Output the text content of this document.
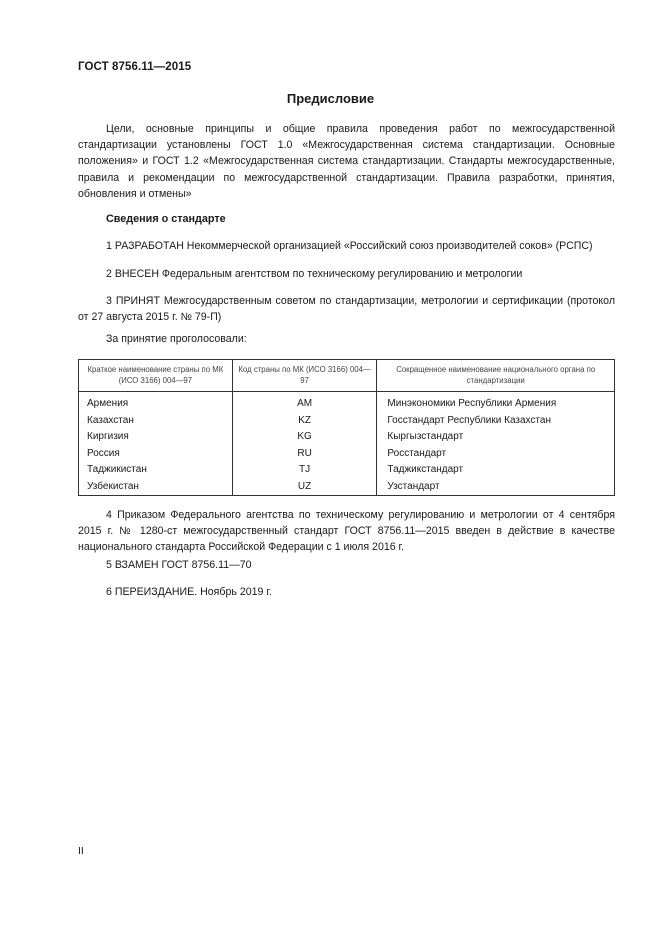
ГОСТ 8756.11—2015
Предисловие

Цели, основные принципы и общие правила проведения работ по межгосударственной стандартизации установлены ГОСТ 1.0 «Межгосударственная система стандартизации. Основные положения» и ГОСТ 1.2 «Межгосударственная система стандартизации. Стандарты межгосударственные, правила и рекомендации по межгосударственной стандартизации. Правила разработки, принятия, обновления и отмены»

Сведения о стандарте

1 РАЗРАБОТАН Некоммерческой организацией «Российский союз производителей соков» (РСПС)

2 ВНЕСЕН Федеральным агентством по техническому регулированию и метрологии

3 ПРИНЯТ Межгосударственным советом по стандартизации, метрологии и сертификации (протокол от 27 августа 2015 г. № 79-П)

За принятие проголосовали:
Краткое наименование страны по МК (ИСО 3166) 004—97	Код страны по МК (ИСО 3166) 004—97	Сокращенное наименование национального органа по стандартизации
Армения	AM	Минэкономики Республики Армения
Казахстан	KZ	Госстандарт Республики Казахстан
Киргизия	KG	Кыргызстандарт
Россия	RU	Росстандарт
Таджикистан	TJ	Таджикстандарт
Узбекистан	UZ	Узстандарт

4 Приказом Федерального агентства по техническому регулированию и метрологии от 4 сентября 2015 г. № 1280-ст межгосударственный стандарт ГОСТ 8756.11—2015 введен в действие в качестве национального стандарта Российской Федерации с 1 июля 2016 г.

5 ВЗАМЕН ГОСТ 8756.11—70

6 ПЕРЕИЗДАНИЕ. Ноябрь 2019 г.

II
